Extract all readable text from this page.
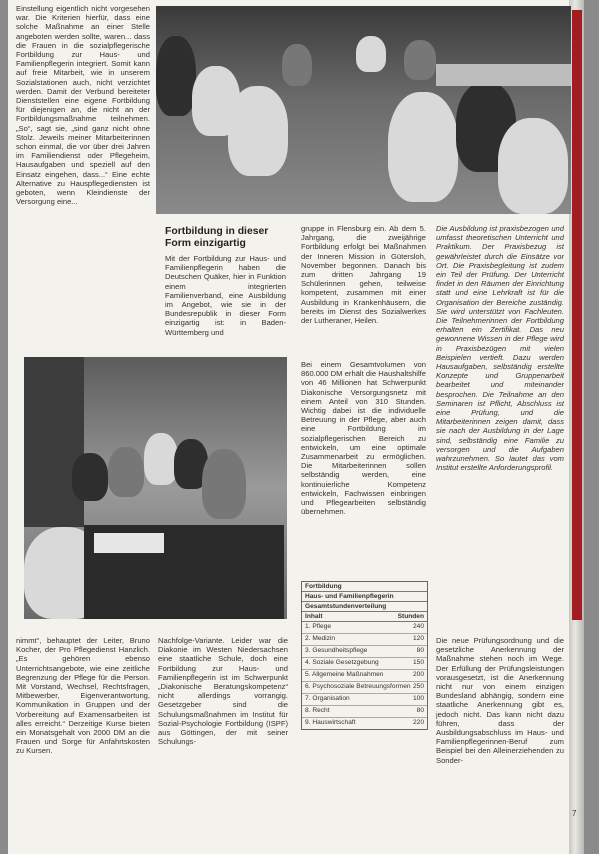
Einstellung eigentlich nicht vorgesehen war. Die Kriterien hierfür, dass eine solche Maßnahme an einer Stelle angeboten werden sollte, waren... dass die Frauen in die sozialpflegerische Fortbildung zur Haus- und Familienpflegerin integriert. Somit kann auf freie Mitarbeit, wie in unserem Sozialstationen auch, nicht verzichtet werden. Damit der Verbund bereiteter Dienststellen eine eigene Fortbildung für diejenigen an, die nicht an der Fortbildungsmaßnahme teilnehmen. „So“, sagt sie, „sind ganz nicht ohne Stolz. Jeweils meiner Mitarbeiterinnen schon einmal, die vor über drei Jahren im Familiendienst oder Pflegeheim, Hausaufgaben und speziell auf den Einsatz eingehen, dass...“ Eine echte Alternative zu Hauspflegediensten ist geboten, wenn Kleindienste der Versorgung eine...

Fortbildung in dieser Form einzigartig

Mit der Fortbildung zur Haus- und Familienpflegerin haben die Deutschen Quäker, hier in Funktion einem integrierten Familienverband, eine Ausbildung im Angebot, wie sie in der Bundesrepublik in dieser Form einzigartig ist: in Baden-Württemberg und

gruppe in Flensburg ein. Ab dem 5. Jahrgang, die zweijährige Fortbildung erfolgt bei Maßnahmen der Inneren Mission in Gütersloh, November begonnen. Danach bis zum dritten Jahrgang 19 Schülerinnen gehen, teilweise kompetent, zusammen mit einer Ausbildung in Krankenhäusern, die bereits im Dienst des Sozialwerkes der Lutheraner, Heilen.

Bei einem Gesamtvolumen von 860.000 DM erhält die Haushaltshilfe von 46 Millionen hat Schwerpunkt Diakonische Versorgungsnetz mit einem Anteil von 310 Stunden. Wichtig dabei ist die individuelle Betreuung in der Pflege, aber auch eine Fortbildung im sozialpflegerischen Bereich zu entwickeln, um eine optimale Zusammenarbeit zu ermöglichen. Die Mitarbeiterinnen sollen selbständig werden, eine kontinuierliche Kompetenz entwickeln, Fachwissen einbringen und Pflegearbeiten selbständig übernehmen.

Die Ausbildung ist praxisbezogen und umfasst theoretischen Unterricht und Praktikum. Der Praxisbezug ist gewährleistet durch die Einsätze vor Ort. Die Praxisbegleitung ist zudem ein Teil der Prüfung. Der Unterricht findet in den Räumen der Einrichtung statt und eine Lehrkraft ist für die Organisation der Bereiche zuständig. Sie wird unterstützt von Fachleuten. Die Teilnehmerinnen der Fortbildung erhalten ein Zertifikat. Das neu gewonnene Wissen in der Pflege wird in Praxisbezügen mit vielen Beispielen vertieft. Dazu werden Hausaufgaben, selbständig erstellte Konzepte und Gruppenarbeit bearbeitet und miteinander besprochen. Die Teilnahme an den Seminaren ist Pflicht, Abschluss ist eine Prüfung, und die Mitarbeiterinnen zeigen damit, dass sie nach der Ausbildung in der Lage sind, selbständig eine Familie zu versorgen und die Aufgaben wahrzunehmen. So lautet das vom Institut erstellte Anforderungsprofil.

nimmt“, behauptet der Leiter, Bruno Kocher, der Pro Pflegedienst Hanzlich. „Es gehören ebenso Unterrichtsangebote, wie eine zeitliche Begrenzung der Pflege für die Person. Mit Vorstand, Wechsel, Rechtsfragen, Mitbewerber, Eigenverantwortung, Kommunikation in Gruppen und der Vorbereitung auf Examensarbeiten ist alles erreicht.“ Derzeitige Kurse bieten ein Monatsgehalt von 2000 DM an die Frauen und Sorge für Anfahrtskosten zu Kursen.

Nachfolge-Variante. Leider war die Diakonie im Westen Niedersachsen eine staatliche Schule, doch eine Fortbildung zur Haus- und Familienpflegerin ist im Schwerpunkt „Diakonische Beratungskompetenz“ nicht allerdings vorrangig. Gesetzgeber sind die Schulungsmaßnahmen im Institut für Sozial-Psychologie Fortbildung (ISPF) aus Göttingen, der mit seiner Schulungs-

Fortbildung
Haus- und Familienpflegerin
Gesamtstundenverteilung
Inhalt	Stunden
1. Pflege	240
2. Medizin	120
3. Gesundheitspflege	80
4. Soziale Gesetzgebung	150
5. Allgemeine Maßnahmen	200
6. Psychosoziale Betreuungsformen 250
7. Organisation	100
8. Recht	80
9. Hauswirtschaft	220

Die neue Prüfungsordnung und die gesetzliche Anerkennung der Maßnahme stehen noch im Wege. Der Erfüllung der Prüfungsleistungen vorausgesetzt, ist die Anerkennung nicht nur von einem einzigen Bundesland abhängig, sondern eine staatliche Anerkennung gibt es, jedoch nicht. Das kann nicht dazu führen, dass der Ausbildungsabschluss im Haus- und Familienpflegerinnen-Beruf zum Beispiel bei den Alleinerziehenden zu Sonder-

7
